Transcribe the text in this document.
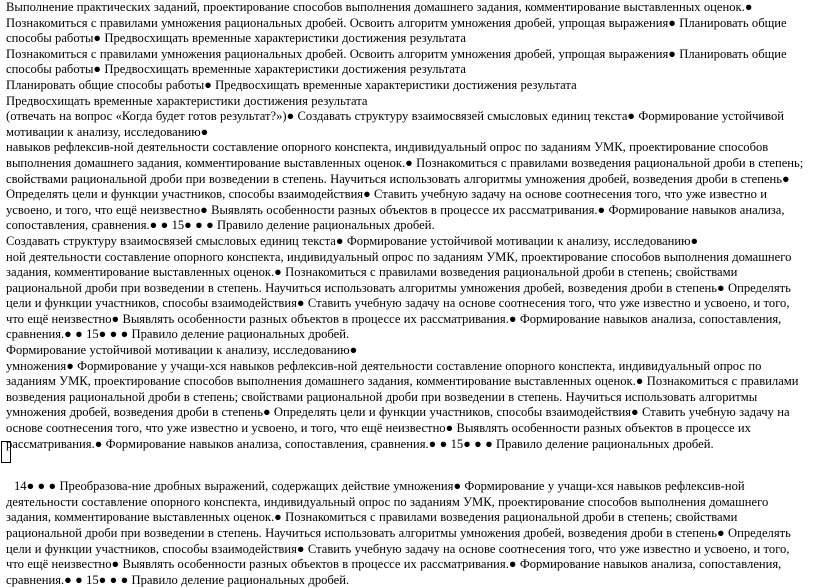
Выполнение практических заданий, проектирование способов выполнения домашнего задания, комментирование выставленных оценок.● Познакомиться с правилами умножения рациональных дробей. Освоить алгоритм умножения дробей, упрощая выражения● Планировать общие способы работы● Предвосхищать временные характеристики достижения результата

Познакомиться с правилами умножения рациональных дробей. Освоить алгоритм умножения дробей, упрощая выражения● Планировать общие способы работы● Предвосхищать временные характеристики достижения результата

Планировать общие способы работы● Предвосхищать временные характеристики достижения результата

Предвосхищать временные характеристики достижения результата

(отвечать на вопрос «Когда будет готов результат?»)● Создавать структуру взаимосвязей смысловых единиц текста● Формирование устойчивой мотивации к анализу, исследованию●

навыков рефлексив-ной деятельности составление опорного конспекта, индивидуальный опрос по заданиям УМК, проектирование способов выполнения домашнего задания, комментирование выставленных оценок.● Познакомиться с правилами возведения рациональной дроби в степень; свойствами рациональной дроби при возведении в степень. Научиться использовать алгоритмы умножения дробей, возведения дроби в степень● Определять цели и функции участников, способы взаимодействия● Ставить учебную задачу на основе соотнесения того, что уже известно и усвоено, и того, что ещё неизвестно● Выявлять особенности разных объектов в процессе их рассматривания.● Формирование навыков анализа, сопоставления, сравнения.● ● 15● ● ● Правило деление рациональных дробей.

Создавать структуру взаимосвязей смысловых единиц текста● Формирование устойчивой мотивации к анализу, исследованию●

ной деятельности составление опорного конспекта, индивидуальный опрос по заданиям УМК, проектирование способов выполнения домашнего задания, комментирование выставленных оценок.● Познакомиться с правилами возведения рациональной дроби в степень; свойствами рациональной дроби при возведении в степень. Научиться использовать алгоритмы умножения дробей, возведения дроби в степень● Определять цели и функции участников, способы взаимодействия● Ставить учебную задачу на основе соотнесения того, что уже известно и усвоено, и того, что ещё неизвестно● Выявлять особенности разных объектов в процессе их рассматривания.● Формирование навыков анализа, сопоставления, сравнения.● ● 15● ● ● Правило деление рациональных дробей.

Формирование устойчивой мотивации к анализу, исследованию●

умножения● Формирование у учащи-хся навыков рефлексив-ной деятельности составление опорного конспекта, индивидуальный опрос по заданиям УМК, проектирование способов выполнения домашнего задания, комментирование выставленных оценок.● Познакомиться с правилами возведения рациональной дроби в степень; свойствами рациональной дроби при возведении в степень. Научиться использовать алгоритмы умножения дробей, возведения дроби в степень● Определять цели и функции участников, способы взаимодействия● Ставить учебную задачу на основе соотнесения того, что уже известно и усвоено, и того, что ещё неизвестно● Выявлять особенности разных объектов в процессе их рассматривания.● Формирование навыков анализа, сопоставления, сравнения.● ● 15● ● ● Правило деление рациональных дробей.

14● ● ● Преобразова-ние дробных выражений, содержащих действие умножения● Формирование у учащи-хся навыков рефлексив-ной деятельности составление опорного конспекта, индивидуальный опрос по заданиям УМК, проектирование способов выполнения домашнего задания, комментирование выставленных оценок.● Познакомиться с правилами возведения рациональной дроби в степень; свойствами рациональной дроби при возведении в степень. Научиться использовать алгоритмы умножения дробей, возведения дроби в степень● Определять цели и функции участников, способы взаимодействия● Ставить учебную задачу на основе соотнесения того, что уже известно и усвоено, и того, что ещё неизвестно● Выявлять особенности разных объектов в процессе их рассматривания.● Формирование навыков анализа, сопоставления, сравнения.● ● 15● ● ● Правило деление рациональных дробей.
